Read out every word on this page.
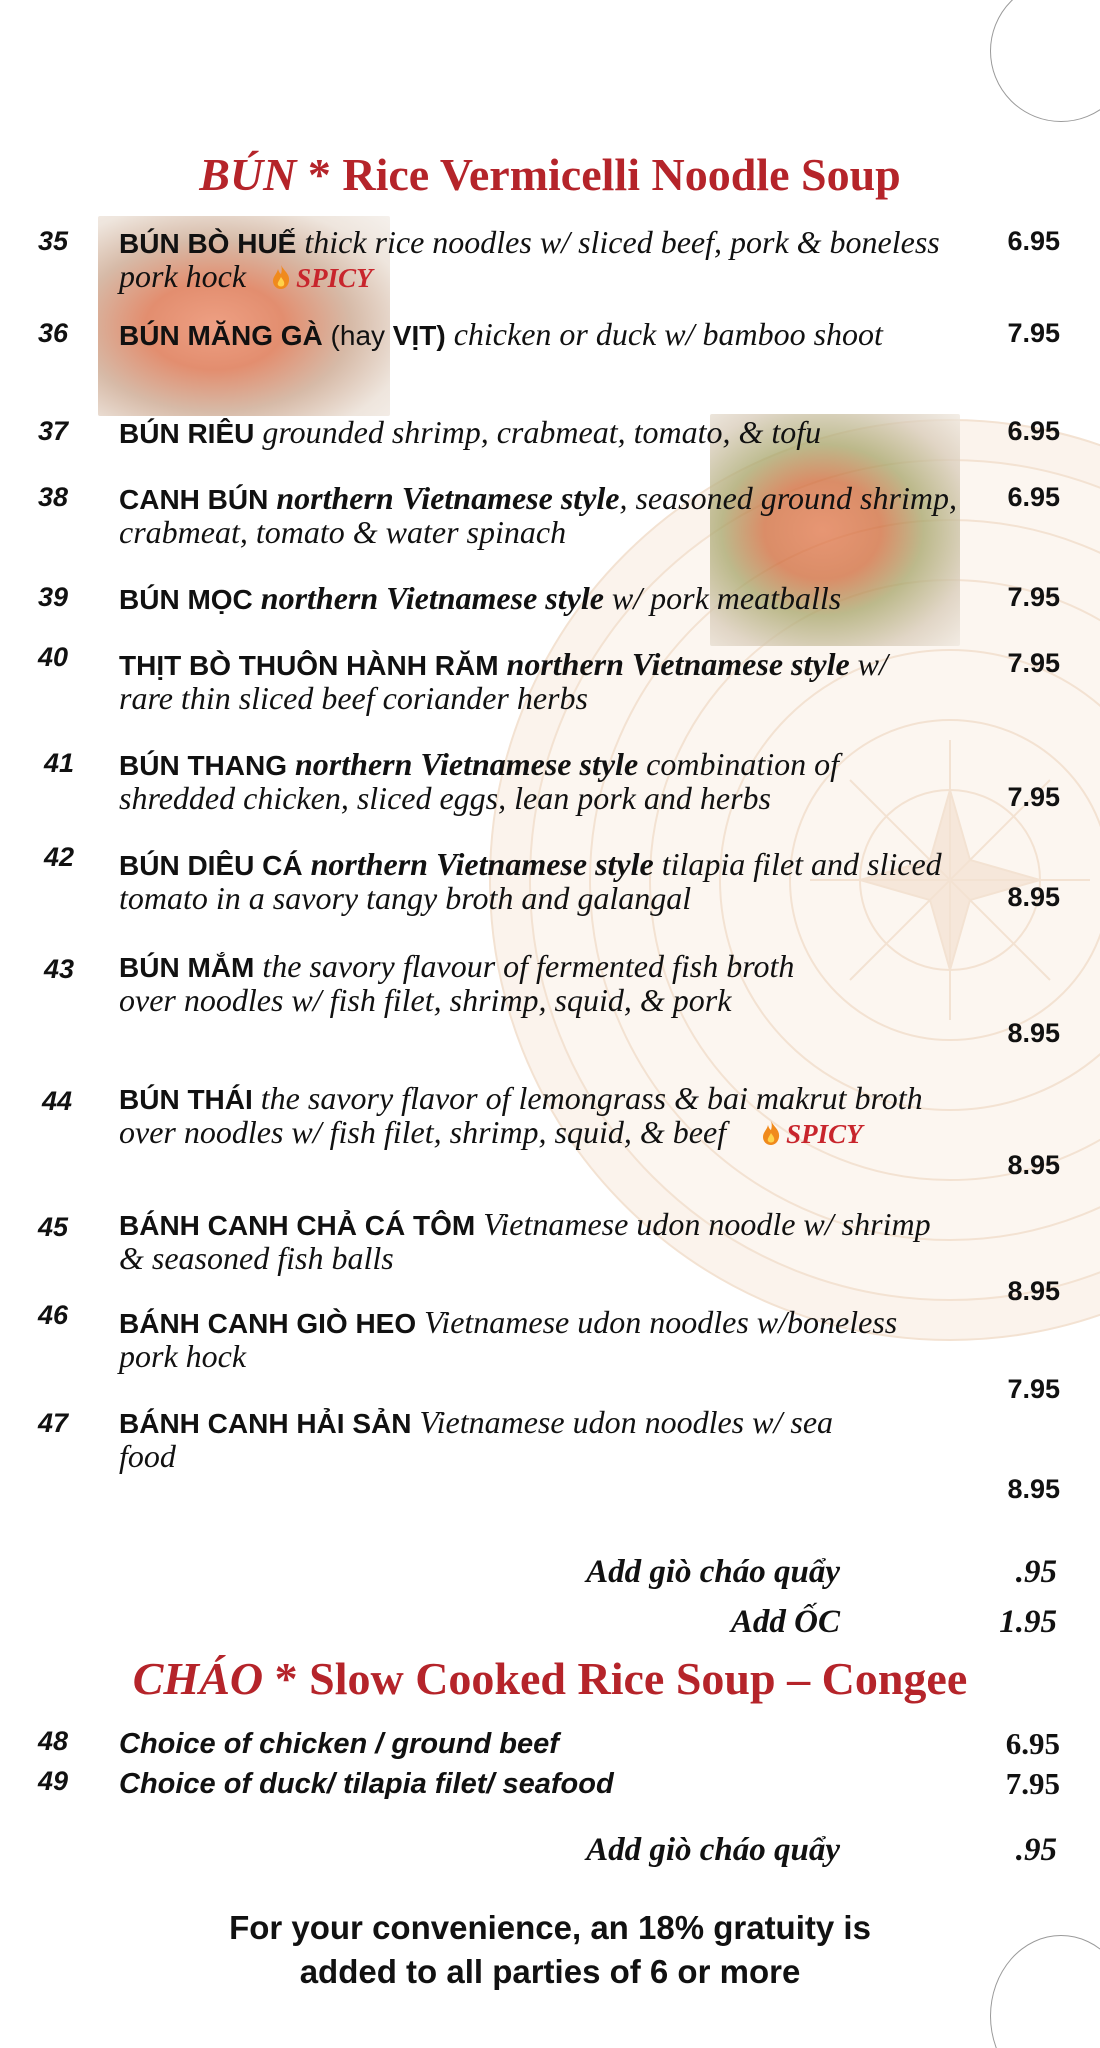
BÚN * Rice Vermicelli Noodle Soup
35	BÚN BÒ HUẾ thick rice noodles w/ sliced beef, pork & boneless pork hock SPICY
6.95
36	BÚN MĂNG GÀ (hay VỊT) chicken or duck w/ bamboo shoot	7.95
37	BÚN RIÊU grounded shrimp, crabmeat, tomato, & tofu	6.95
38	CANH BÚN northern Vietnamese style, seasoned ground shrimp, crabmeat, tomato & water spinach
6.95
39	BÚN MỌC northern Vietnamese style w/ pork meatballs	7.95
40	THỊT BÒ THUÔN HÀNH RĂM northern Vietnamese style w/ rare thin sliced beef coriander herbs
7.95
41	BÚN THANG northern Vietnamese style combination of shredded chicken, sliced eggs, lean pork and herbs	7.95
42	BÚN DIÊU CÁ northern Vietnamese style tilapia filet and sliced tomato in a savory tangy broth and galangal	8.95
43	BÚN MẮM the savory flavour of fermented fish broth over noodles w/ fish filet, shrimp, squid, & pork
8.95
44	BÚN THÁI the savory flavor of lemongrass & bai makrut broth over noodles w/ fish filet, shrimp, squid, & beef SPICY
8.95
45	BÁNH CANH CHẢ CÁ TÔM Vietnamese udon noodle w/ shrimp & seasoned fish balls
8.95
46	BÁNH CANH GIÒ HEO Vietnamese udon noodles w/boneless pork hock
7.95
47	BÁNH CANH HẢI SẢN Vietnamese udon noodles w/ sea food
8.95
Add giò cháo quẩy	.95
Add ỐC	1.95
CHÁO * Slow Cooked Rice Soup – Congee
48	Choice of chicken / ground beef	6.95
49	Choice of duck/ tilapia filet/ seafood	7.95
Add giò cháo quẩy	.95
For your convenience, an 18% gratuity is
added to all parties of 6 or more
